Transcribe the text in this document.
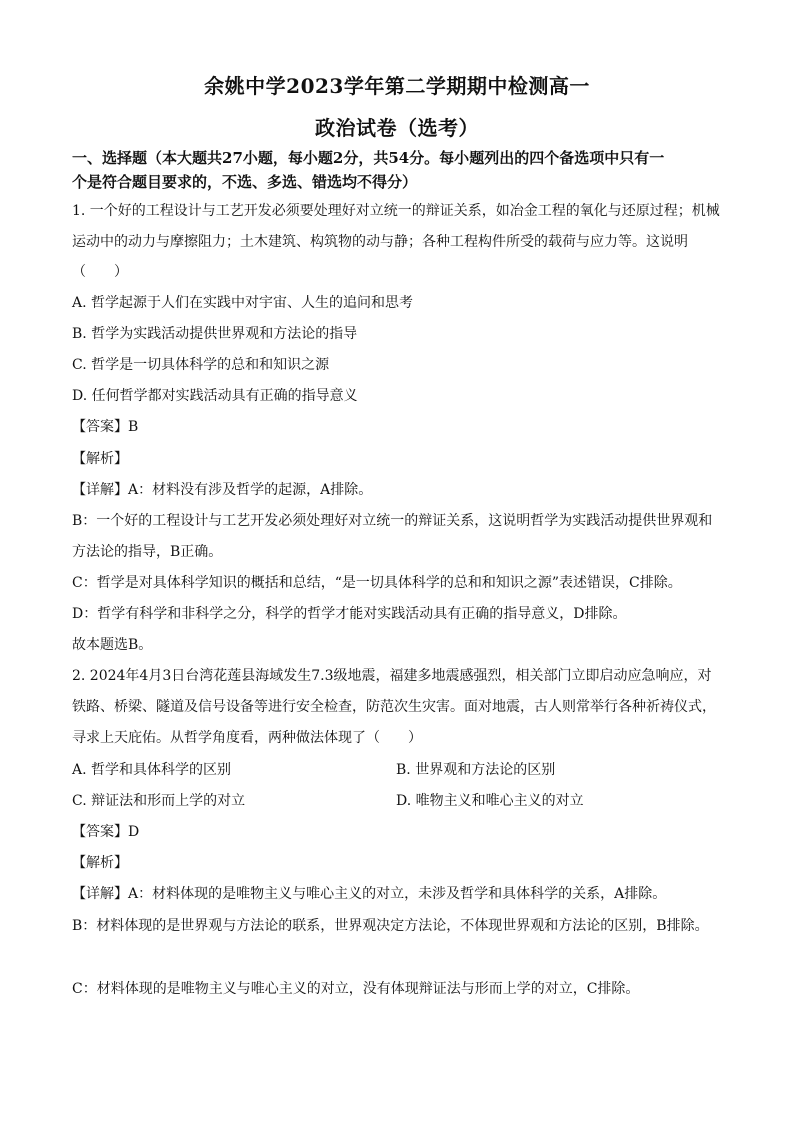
余姚中学2023学年第二学期期中检测高一
政治试卷（选考）
一、选择题（本大题共27小题，每小题2分，共54分。每小题列出的四个备选项中只有一
个是符合题目要求的，不选、多选、错选均不得分）
1. 一个好的工程设计与工艺开发必须要处理好对立统一的辩证关系，如冶金工程的氧化与还原过程；机械
运动中的动力与摩擦阻力；土木建筑、构筑物的动与静；各种工程构件所受的载荷与应力等。这说明
（　　）
A. 哲学起源于人们在实践中对宇宙、人生的追问和思考
B. 哲学为实践活动提供世界观和方法论的指导
C. 哲学是一切具体科学的总和和知识之源
D. 任何哲学都对实践活动具有正确的指导意义
【答案】B
【解析】
【详解】A：材料没有涉及哲学的起源，A排除。
B：一个好的工程设计与工艺开发必须处理好对立统一的辩证关系，这说明哲学为实践活动提供世界观和
方法论的指导，B正确。
C：哲学是对具体科学知识的概括和总结，“是一切具体科学的总和和知识之源”表述错误，C排除。
D：哲学有科学和非科学之分，科学的哲学才能对实践活动具有正确的指导意义，D排除。
故本题选B。
2. 2024年4月3日台湾花莲县海域发生7.3级地震，福建多地震感强烈，相关部门立即启动应急响应，对
铁路、桥梁、隧道及信号设备等进行安全检查，防范次生灾害。面对地震，古人则常举行各种祈祷仪式，
寻求上天庇佑。从哲学角度看，两种做法体现了（　　）
A. 哲学和具体科学的区别	B. 世界观和方法论的区别
C. 辩证法和形而上学的对立	D. 唯物主义和唯心主义的对立
【答案】D
【解析】
【详解】A：材料体现的是唯物主义与唯心主义的对立，未涉及哲学和具体科学的关系，A排除。
B：材料体现的是世界观与方法论的联系，世界观决定方法论，不体现世界观和方法论的区别，B排除。
C：材料体现的是唯物主义与唯心主义的对立，没有体现辩证法与形而上学的对立，C排除。
